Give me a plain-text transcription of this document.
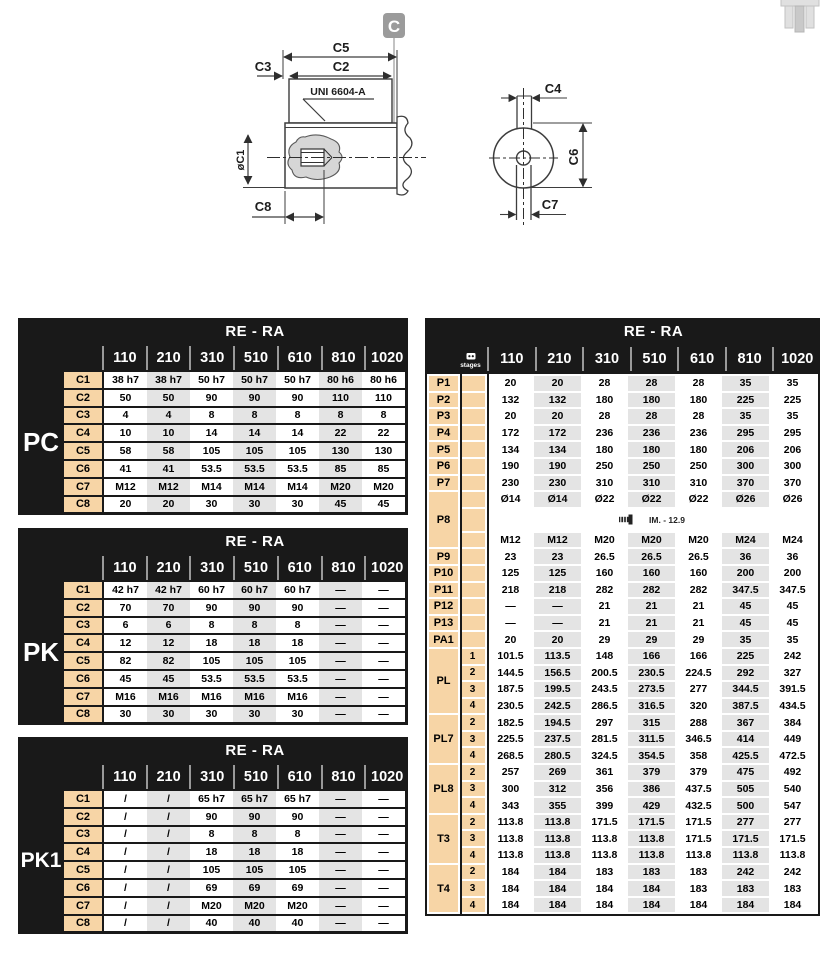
C
C5
C2
C3
UNI 6604-A
øC1
C8
C4
C7
C6
RE - RA
110	210	310	510	610	810	1020
C1	38 h7	38 h7	50 h7	50 h7	50 h7	80 h6	80 h6
C2	50	50	90	90	90	110	110
C3	4	4	8	8	8	8	8
C4	10	10	14	14	14	22	22
C5	58	58	105	105	105	130	130
C6	41	41	53.5	53.5	53.5	85	85
C7	M12	M12	M14	M14	M14	M20	M20
C8	20	20	30	30	30	45	45
PC
RE - RA
110	210	310	510	610	810	1020
C1	42 h7	42 h7	60 h7	60 h7	60 h7	—	—
C2	70	70	90	90	90	—	—
C3	6	6	8	8	8	—	—
C4	12	12	18	18	18	—	—
C5	82	82	105	105	105	—	—
C6	45	45	53.5	53.5	53.5	—	—
C7	M16	M16	M16	M16	M16	—	—
C8	30	30	30	30	30	—	—
PK
RE - RA
110	210	310	510	610	810	1020
C1	/	/	65 h7	65 h7	65 h7	—	—
C2	/	/	90	90	90	—	—
C3	/	/	8	8	8	—	—
C4	/	/	18	18	18	—	—
C5	/	/	105	105	105	—	—
C6	/	/	69	69	69	—	—
C7	/	/	M20	M20	M20	—	—
C8	/	/	40	40	40	—	—
PK1
RE - RA
110	210	310	510	610	810	1020
stages
P1	20	20	28	28	28	35	35
P2	132	132	180	180	180	225	225
P3	20	20	28	28	28	35	35
P4	172	172	236	236	236	295	295
P5	134	134	180	180	180	206	206
P6	190	190	250	250	250	300	300
P7	230	230	310	310	310	370	370
P8
Ø14	Ø14	Ø22	Ø22	Ø22	Ø26	Ø26
IM. - 12.9
M12	M12	M20	M20	M20	M24	M24
P9	23	23	26.5	26.5	26.5	36	36
P10	125	125	160	160	160	200	200
P11	218	218	282	282	282	347.5	347.5
P12	—	—	21	21	21	45	45
P13	—	—	21	21	21	45	45
PA1	20	20	29	29	29	35	35
PL
1	101.5	113.5	148	166	166	225	242
2	144.5	156.5	200.5	230.5	224.5	292	327
3	187.5	199.5	243.5	273.5	277	344.5	391.5
4	230.5	242.5	286.5	316.5	320	387.5	434.5
PL7
2	182.5	194.5	297	315	288	367	384
3	225.5	237.5	281.5	311.5	346.5	414	449
4	268.5	280.5	324.5	354.5	358	425.5	472.5
PL8
2	257	269	361	379	379	475	492
3	300	312	356	386	437.5	505	540
4	343	355	399	429	432.5	500	547
T3
2	113.8	113.8	171.5	171.5	171.5	277	277
3	113.8	113.8	113.8	113.8	171.5	171.5	171.5
4	113.8	113.8	113.8	113.8	113.8	113.8	113.8
T4
2	184	184	183	183	183	242	242
3	184	184	184	184	183	183	183
4	184	184	184	184	184	184	184
